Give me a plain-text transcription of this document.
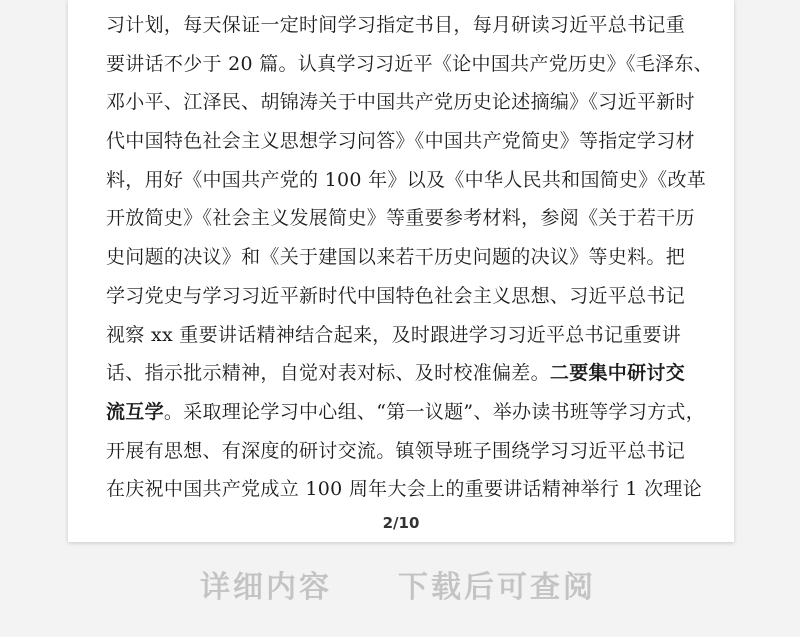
习计划，每天保证一定时间学习指定书目，每月研读习近平总书记重
要讲话不少于 20 篇。认真学习习近平《论中国共产党历史》《毛泽东、
邓小平、江泽民、胡锦涛关于中国共产党历史论述摘编》《习近平新时
代中国特色社会主义思想学习问答》《中国共产党简史》等指定学习材
料，用好《中国共产党的 100 年》以及《中华人民共和国简史》《改革
开放简史》《社会主义发展简史》等重要参考材料，参阅《关于若干历
史问题的决议》和《关于建国以来若干历史问题的决议》等史料。把
学习党史与学习习近平新时代中国特色社会主义思想、习近平总书记
视察 xx 重要讲话精神结合起来，及时跟进学习习近平总书记重要讲
话、指示批示精神，自觉对表对标、及时校准偏差。二要集中研讨交
流互学。采取理论学习中心组、“第一议题”、举办读书班等学习方式，
开展有思想、有深度的研讨交流。镇领导班子围绕学习习近平总书记
在庆祝中国共产党成立 100 周年大会上的重要讲话精神举行 1 次理论
2/10
详细内容 下载后可查阅
